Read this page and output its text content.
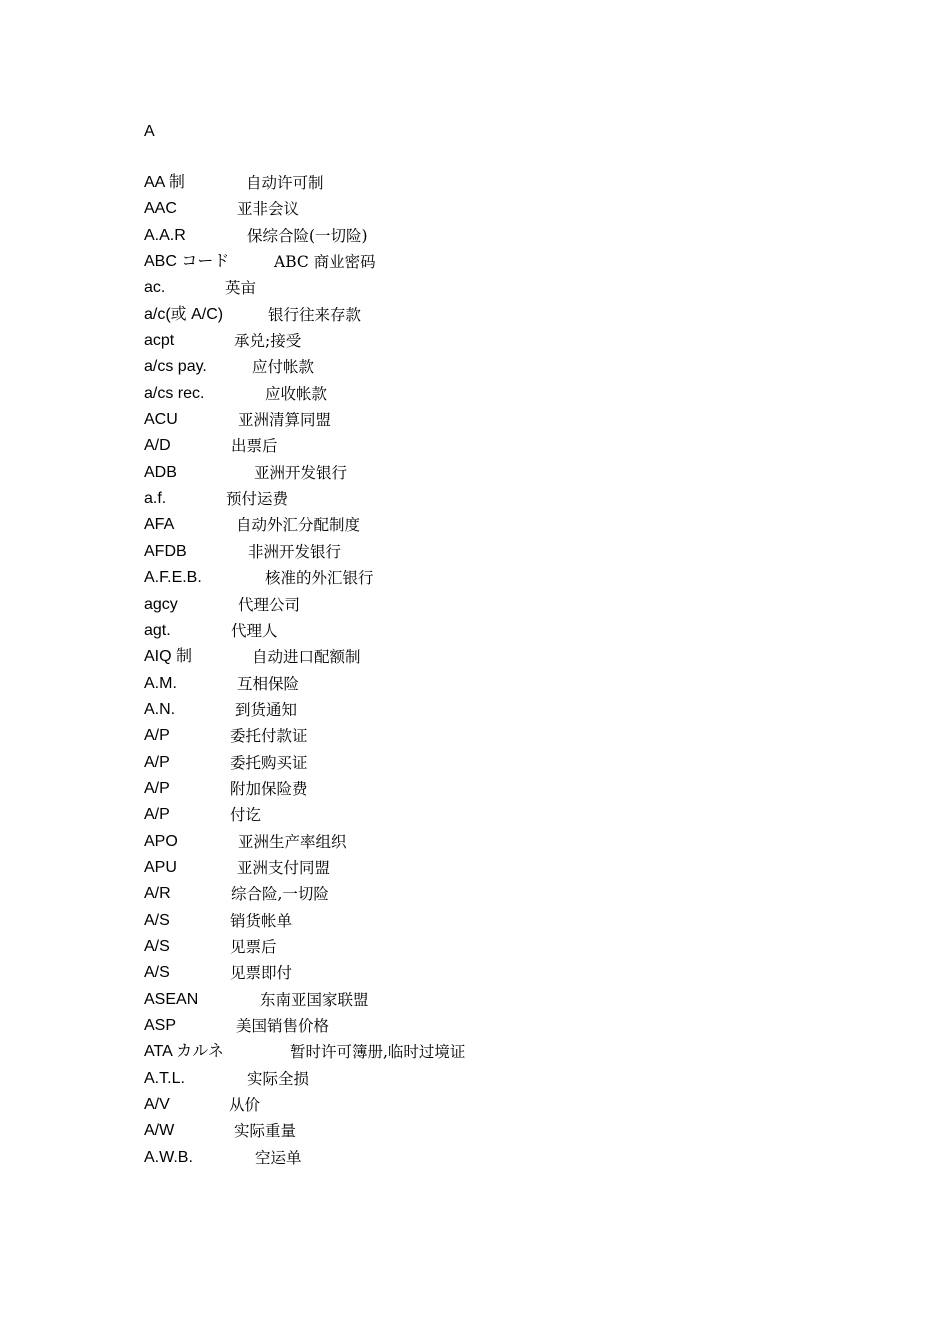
A
AA 制	自动许可制
AAC	亚非会议
A.A.R	保综合险(一切险)
ABC コード	ABC 商业密码
ac.	英亩
a/c(或 A/C)	银行往来存款
acpt	承兑;接受
a/cs pay.	应付帐款
a/cs rec.	应收帐款
ACU	亚洲清算同盟
A/D	出票后
ADB	亚洲开发银行
a.f.	预付运费
AFA	自动外汇分配制度
AFDB	非洲开发银行
A.F.E.B.	核准的外汇银行
agcy	代理公司
agt.	代理人
AIQ 制	自动进口配额制
A.M.	互相保险
A.N.	到货通知
A/P	委托付款证
A/P	委托购买证
A/P	附加保险费
A/P	付讫
APO	亚洲生产率组织
APU	亚洲支付同盟
A/R	综合险,一切险
A/S	销货帐单
A/S	见票后
A/S	见票即付
ASEAN	东南亚国家联盟
ASP	美国销售价格
ATA カルネ	暂时许可簿册,临时过境证
A.T.L.	实际全损
A/V	从价
A/W	实际重量
A.W.B.	空运单
